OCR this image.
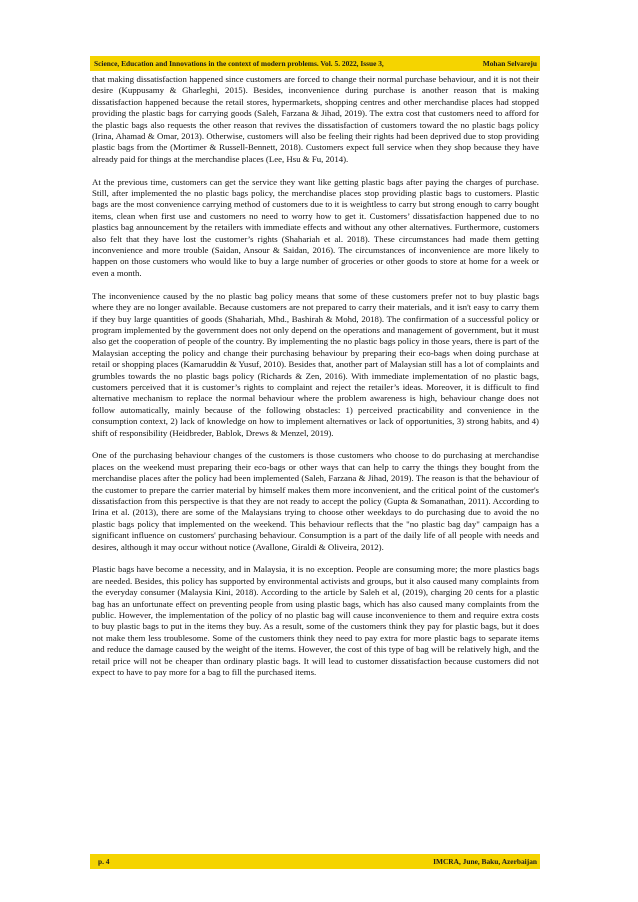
Science, Education and Innovations in the context of modern problems. Vol. 5. 2022, Issue 3,	Mohan Selvareju

that making dissatisfaction happened since customers are forced to change their normal purchase behaviour, and it is not their desire (Kuppusamy & Gharleghi, 2015). Besides, inconvenience during purchase is another reason that is making dissatisfaction happened because the retail stores, hypermarkets, shopping centres and other merchandise places had stopped providing the plastic bags for carrying goods (Saleh, Farzana & Jihad, 2019). The extra cost that customers need to afford for the plastic bags also requests the other reason that revives the dissatisfaction of customers toward the no plastic bags policy (Irina, Ahamad & Omar, 2013). Otherwise, customers will also be feeling their rights had been deprived due to stop providing plastic bags from the (Mortimer & Russell-Bennett, 2018). Customers expect full service when they shop because they have already paid for things at the merchandise places (Lee, Hsu & Fu, 2014).

At the previous time, customers can get the service they want like getting plastic bags after paying the charges of purchase. Still, after implemented the no plastic bags policy, the merchandise places stop providing plastic bags to customers. Plastic bags are the most convenience carrying method of customers due to it is weightless to carry but strong enough to carry bought items, clean when first use and customers no need to worry how to get it. Customers’ dissatisfaction happened due to no plastics bag announcement by the retailers with immediate effects and without any other alternatives. Furthermore, customers also felt that they have lost the customer’s rights (Shahariah et al. 2018). These circumstances had made them getting inconvenience and more trouble (Saidan, Ansour & Saidan, 2016). The circumstances of inconvenience are more likely to happen on those customers who would like to buy a large number of groceries or other goods to store at home for a week or even a month.

The inconvenience caused by the no plastic bag policy means that some of these customers prefer not to buy plastic bags where they are no longer available. Because customers are not prepared to carry their materials, and it isn't easy to carry them if they buy large quantities of goods (Shahariah, Mhd., Bashirah & Mohd, 2018). The confirmation of a successful policy or program implemented by the government does not only depend on the operations and management of government, but it must also get the cooperation of people of the country. By implementing the no plastic bags policy in those years, there is part of the Malaysian accepting the policy and change their purchasing behaviour by preparing their eco-bags when doing purchase at retail or shopping places (Kamaruddin & Yusuf, 2010). Besides that, another part of Malaysian still has a lot of complaints and grumbles towards the no plastic bags policy (Richards & Zen, 2016). With immediate implementation of no plastic bags, customers perceived that it is customer’s rights to complaint and reject the retailer’s ideas. Moreover, it is difficult to find alternative mechanism to replace the normal behaviour where the problem awareness is high, behaviour change does not follow automatically, mainly because of the following obstacles: 1) perceived practicability and convenience in the consumption context, 2) lack of knowledge on how to implement alternatives or lack of opportunities, 3) strong habits, and 4) shift of responsibility (Heidbreder, Bablok, Drews & Menzel, 2019).

One of the purchasing behaviour changes of the customers is those customers who choose to do purchasing at merchandise places on the weekend must preparing their eco-bags or other ways that can help to carry the things they bought from the merchandise places after the policy had been implemented (Saleh, Farzana & Jihad, 2019). The reason is that the behaviour of the customer to prepare the carrier material by himself makes them more inconvenient, and the critical point of the customer's dissatisfaction from this perspective is that they are not ready to accept the policy (Gupta & Somanathan, 2011). According to Irina et al. (2013), there are some of the Malaysians trying to choose other weekdays to do purchasing due to avoid the no plastic bags policy that implemented on the weekend. This behaviour reflects that the "no plastic bag day" campaign has a significant influence on customers' purchasing behaviour. Consumption is a part of the daily life of all people with needs and desires, although it may occur without notice (Avallone, Giraldi & Oliveira, 2012).

Plastic bags have become a necessity, and in Malaysia, it is no exception. People are consuming more; the more plastics bags are needed. Besides, this policy has supported by environmental activists and groups, but it also caused many complaints from the everyday consumer (Malaysia Kini, 2018). According to the article by Saleh et al, (2019), charging 20 cents for a plastic bag has an unfortunate effect on preventing people from using plastic bags, which has also caused many complaints from the public. However, the implementation of the policy of no plastic bag will cause inconvenience to them and require extra costs to buy plastic bags to put in the items they buy. As a result, some of the customers think they pay for plastic bags, but it does not make them less troublesome. Some of the customers think they need to pay extra for more plastic bags to separate items and reduce the damage caused by the weight of the items. However, the cost of this type of bag will be relatively high, and the retail price will not be cheaper than ordinary plastic bags. It will lead to customer dissatisfaction because customers did not expect to have to pay more for a bag to fill the purchased items.

p. 4	IMCRA, June, Baku, Azerbaijan
